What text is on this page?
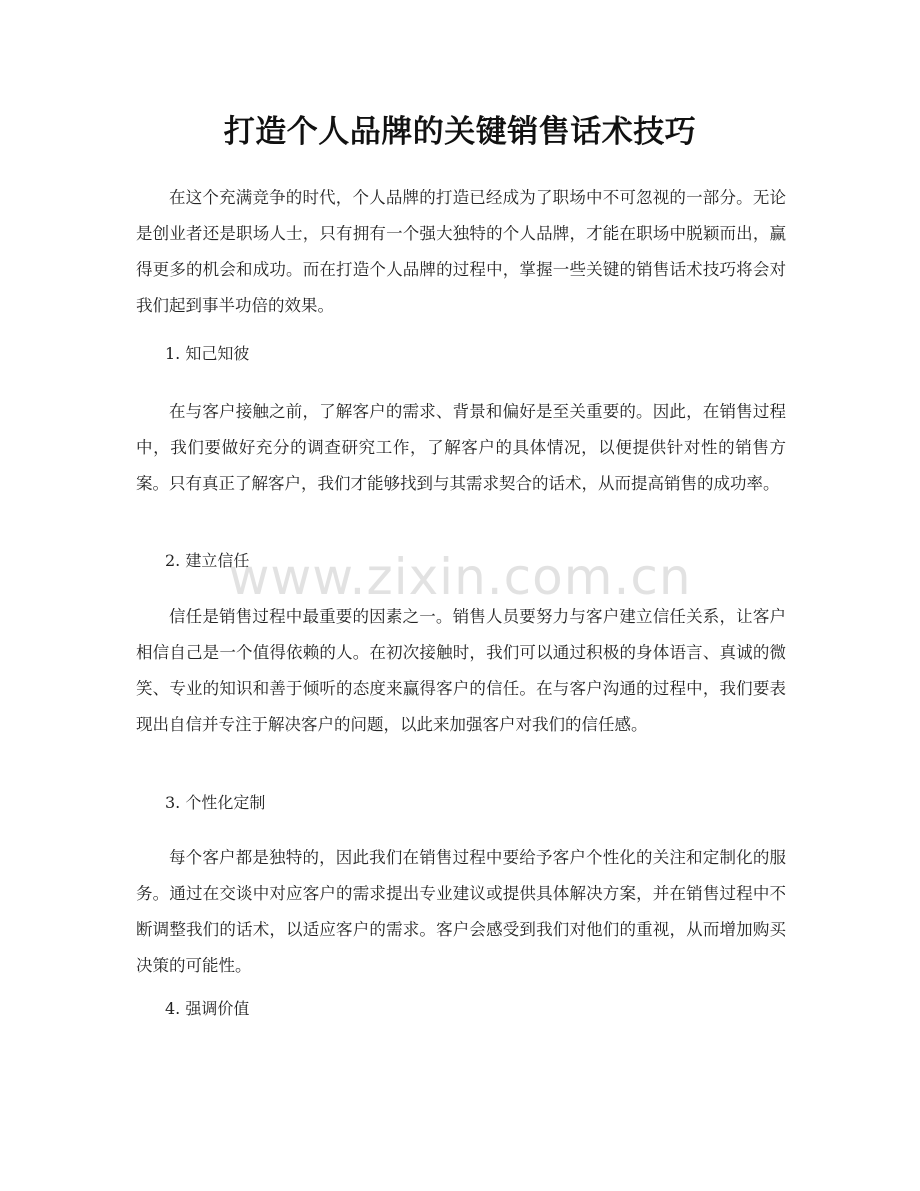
打造个人品牌的关键销售话术技巧

在这个充满竞争的时代，个人品牌的打造已经成为了职场中不可忽视的一部分。无论是创业者还是职场人士，只有拥有一个强大独特的个人品牌，才能在职场中脱颖而出，赢得更多的机会和成功。而在打造个人品牌的过程中，掌握一些关键的销售话术技巧将会对我们起到事半功倍的效果。

1. 知己知彼

在与客户接触之前，了解客户的需求、背景和偏好是至关重要的。因此，在销售过程中，我们要做好充分的调查研究工作，了解客户的具体情况，以便提供针对性的销售方案。只有真正了解客户，我们才能够找到与其需求契合的话术，从而提高销售的成功率。

2. 建立信任

信任是销售过程中最重要的因素之一。销售人员要努力与客户建立信任关系，让客户相信自己是一个值得依赖的人。在初次接触时，我们可以通过积极的身体语言、真诚的微笑、专业的知识和善于倾听的态度来赢得客户的信任。在与客户沟通的过程中，我们要表现出自信并专注于解决客户的问题，以此来加强客户对我们的信任感。

3. 个性化定制

每个客户都是独特的，因此我们在销售过程中要给予客户个性化的关注和定制化的服务。通过在交谈中对应客户的需求提出专业建议或提供具体解决方案，并在销售过程中不断调整我们的话术，以适应客户的需求。客户会感受到我们对他们的重视，从而增加购买决策的可能性。

4. 强调价值

www.zixin.com.cn
